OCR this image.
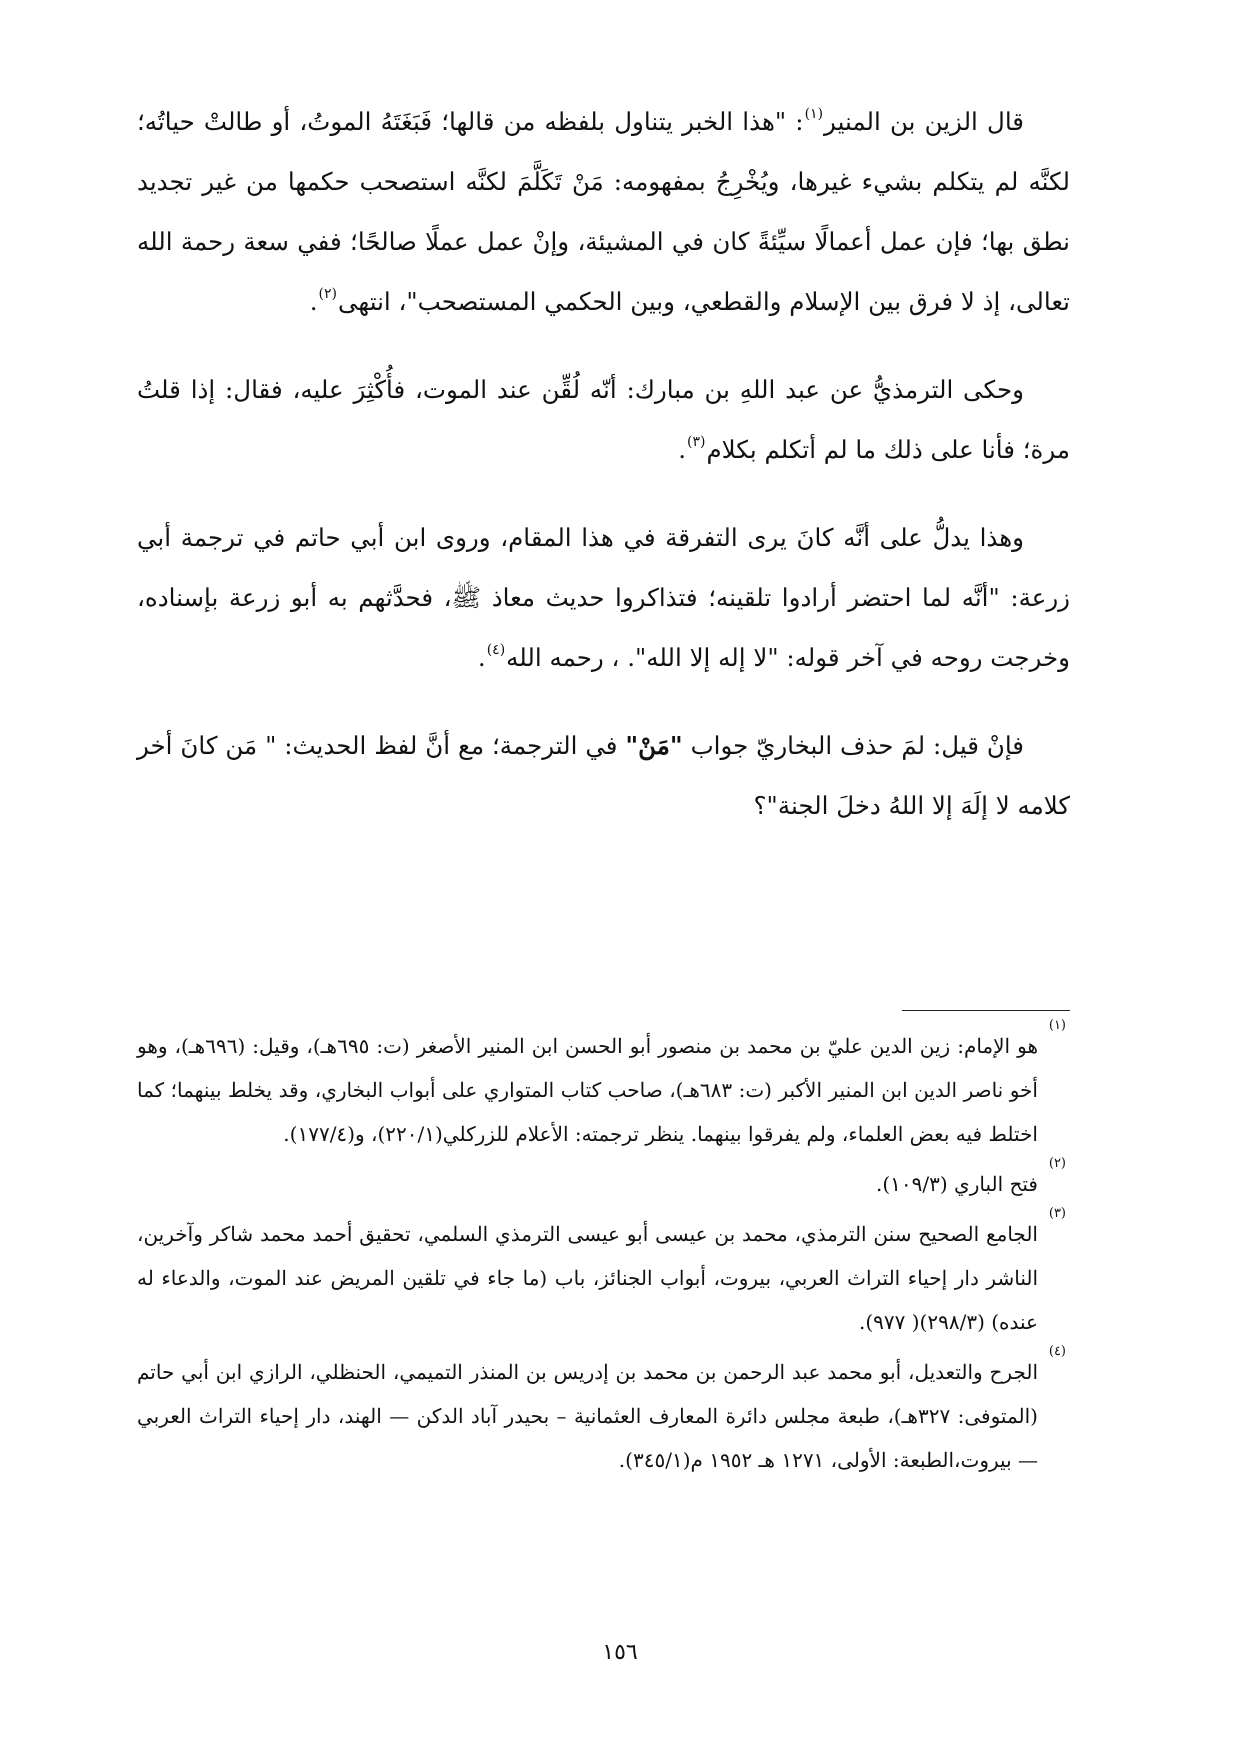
قال الزين بن المنير$^{(١)}$: "هذا الخبر يتناول بلفظه من قالها؛ فَبَغَتَهُ الموتُ، أو طالتْ حياتُه؛ لكنَّه لم يتكلم بشيء غيرها، ويُخْرِجُ بمفهومه: مَنْ تَكَلَّمَ لكنَّه استصحب حكمها من غير تجديد نطق بها؛ فإن عمل أعمالًا سيِّئةً كان في المشيئة، وإنْ عمل عملًا صالحًا؛ ففي سعة رحمة الله تعالى، إذ لا فرق بين الإسلام والقطعي، وبين الحكمي المستصحب"، انتهى$^{(٢)}$.

وحكى الترمذيُّ عن عبد اللهِ بن مبارك: أنّه لُقِّن عند الموت، فأُكْثِرَ عليه، فقال: إذا قلتُ مرة؛ فأنا على ذلك ما لم أتكلم بكلام$^{(٣)}$.

وهذا يدلُّ على أنَّه كانَ يرى التفرقة في هذا المقام، وروى ابن أبي حاتم في ترجمة أبي زرعة: "أنَّه لما احتضر أرادوا تلقينه؛ فتذاكروا حديث معاذ ﷺ، فحدَّثهم به أبو زرعة بإسناده، وخرجت روحه في آخر قوله: "لا إله إلا الله". ، رحمه الله$^{(٤)}$.

فإنْ قيل: لمَ حذف البخاريّ جواب "مَنْ" في الترجمة؛ مع أنَّ لفظ الحديث: " مَن كانَ أخر كلامه لا إلَهَ إلا اللهُ دخلَ الجنة"؟

(١)
هو الإمام: زين الدين عليّ بن محمد بن منصور أبو الحسن ابن المنير الأصغر (ت: ٦٩٥هـ)، وقيل: (٦٩٦هـ)، وهو أخو ناصر الدين ابن المنير الأكبر (ت: ٦٨٣هـ)، صاحب كتاب المتواري على أبواب البخاري، وقد يخلط بينهما؛ كما اختلط فيه بعض العلماء، ولم يفرقوا بينهما. ينظر ترجمته: الأعلام للزركلي(٢٢٠/١)، و(١٧٧/٤).

(٢)
فتح الباري (١٠٩/٣).

(٣)
الجامع الصحيح سنن الترمذي، محمد بن عيسى أبو عيسى الترمذي السلمي، تحقيق أحمد محمد شاكر وآخرين، الناشر دار إحياء التراث العربي، بيروت، أبواب الجنائز، باب (ما جاء في تلقين المريض عند الموت، والدعاء له عنده) (٢٩٨/٣)( ٩٧٧).

(٤)
الجرح والتعديل، أبو محمد عبد الرحمن بن محمد بن إدريس بن المنذر التميمي، الحنظلي، الرازي ابن أبي حاتم (المتوفى: ٣٢٧هـ)، طبعة مجلس دائرة المعارف العثمانية – بحيدر آباد الدكن — الهند، دار إحياء التراث العربي — بيروت،الطبعة: الأولى، ١٢٧١ هـ ١٩٥٢ م(٣٤٥/١).

١٥٦
